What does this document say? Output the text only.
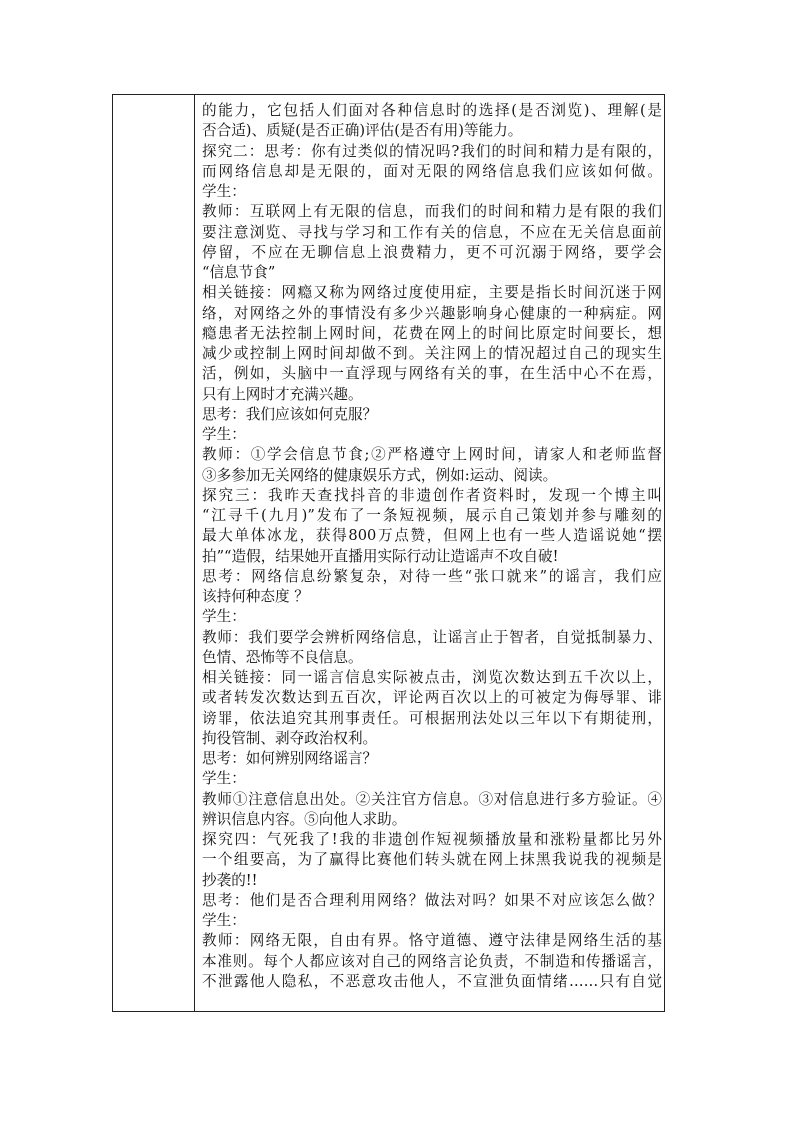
的能力，它包括人们面对各种信息时的选择(是否浏览)、理解(是
否合适)、质疑(是否正确)评估(是否有用)等能力。
探究二：思考：你有过类似的情况吗?我们的时间和精力是有限的，
而网络信息却是无限的，面对无限的网络信息我们应该如何做。
学生：
教师：互联网上有无限的信息，而我们的时间和精力是有限的我们
要注意浏览、寻找与学习和工作有关的信息，不应在无关信息面前
停留，不应在无聊信息上浪费精力，更不可沉溺于网络，要学会
“信息节食”
相关链接：网瘾又称为网络过度使用症，主要是指长时间沉迷于网
络，对网络之外的事情没有多少兴趣影响身心健康的一种病症。网
瘾患者无法控制上网时间，花费在网上的时间比原定时间要长，想
减少或控制上网时间却做不到。关注网上的情况超过自己的现实生
活，例如，头脑中一直浮现与网络有关的事，在生活中心不在焉，
只有上网时才充满兴趣。
思考：我们应该如何克服？
学生：
教师：①学会信息节食;②严格遵守上网时间，请家人和老师监督
③多参加无关网络的健康娱乐方式，例如:运动、阅读。
探究三：我昨天查找抖音的非遗创作者资料时，发现一个博主叫
“江寻千(九月)”发布了一条短视频，展示自己策划并参与雕刻的
最大单体冰龙，获得800万点赞，但网上也有一些人造谣说她“摆
拍”“造假，结果她开直播用实际行动让造谣声不攻自破!
思考：网络信息纷繁复杂，对待一些“张口就来”的谣言，我们应
该持何种态度 ？
学生：
教师：我们要学会辨析网络信息，让谣言止于智者，自觉抵制暴力、
色情、恐怖等不良信息。
相关链接：同一谣言信息实际被点击，浏览次数达到五千次以上，
或者转发次数达到五百次，评论两百次以上的可被定为侮辱罪、诽
谤罪，依法追究其刑事责任。可根据刑法处以三年以下有期徒刑，
拘役管制、剥夺政治权利。
思考：如何辨别网络谣言？
学生：
教师①注意信息出处。②关注官方信息。③对信息进行多方验证。④
辨识信息内容。⑤向他人求助。
探究四：气死我了!我的非遗创作短视频播放量和涨粉量都比另外
一个组要高，为了赢得比赛他们转头就在网上抹黑我说我的视频是
抄袭的!!
思考：他们是否合理利用网络？做法对吗？如果不对应该怎么做？
学生：
教师：网络无限，自由有界。恪守道德、遵守法律是网络生活的基
本准则。每个人都应该对自己的网络言论负责，不制造和传播谣言，
不泄露他人隐私，不恶意攻击他人，不宣泄负面情绪……只有自觉
